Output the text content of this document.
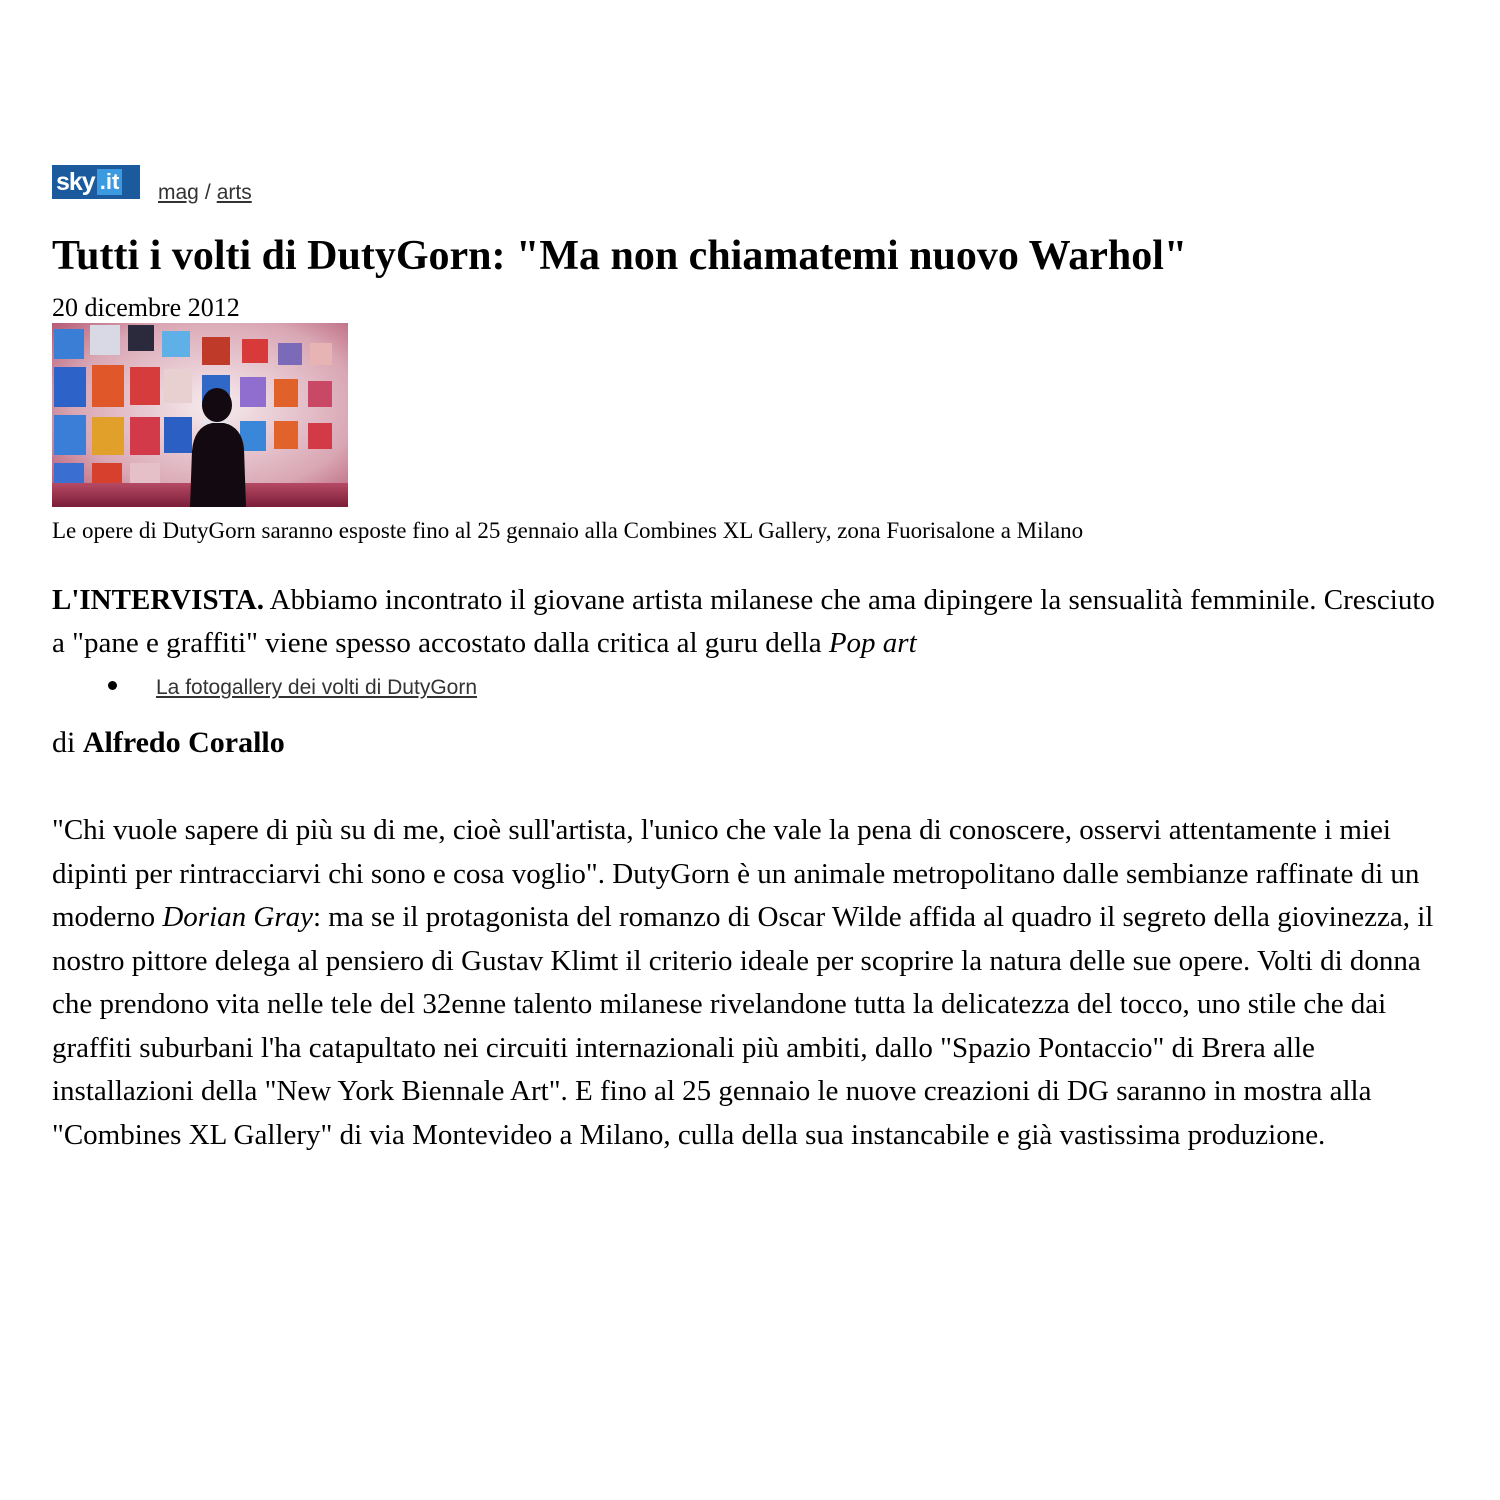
sky .it mag / arts
Tutti i volti di DutyGorn: "Ma non chiamatemi nuovo Warhol"
20 dicembre 2012
Le opere di DutyGorn saranno esposte fino al 25 gennaio alla Combines XL Gallery, zona Fuorisalone a Milano
L'INTERVISTA. Abbiamo incontrato il giovane artista milanese che ama dipingere la sensualità femminile. Cresciuto a "pane e graffiti" viene spesso accostato dalla critica al guru della Pop art
La fotogallery dei volti di DutyGorn
di Alfredo Corallo
"Chi vuole sapere di più su di me, cioè sull'artista, l'unico che vale la pena di conoscere, osservi attentamente i miei dipinti per rintracciarvi chi sono e cosa voglio". DutyGorn è un animale metropolitano dalle sembianze raffinate di un moderno Dorian Gray: ma se il protagonista del romanzo di Oscar Wilde affida al quadro il segreto della giovinezza, il nostro pittore delega al pensiero di Gustav Klimt il criterio ideale per scoprire la natura delle sue opere. Volti di donna che prendono vita nelle tele del 32enne talento milanese rivelandone tutta la delicatezza del tocco, uno stile che dai graffiti suburbani l'ha catapultato nei circuiti internazionali più ambiti, dallo "Spazio Pontaccio" di Brera alle installazioni della "New York Biennale Art". E fino al 25 gennaio le nuove creazioni di DG saranno in mostra alla "Combines XL Gallery" di via Montevideo a Milano, culla della sua instancabile e già vastissima produzione.
